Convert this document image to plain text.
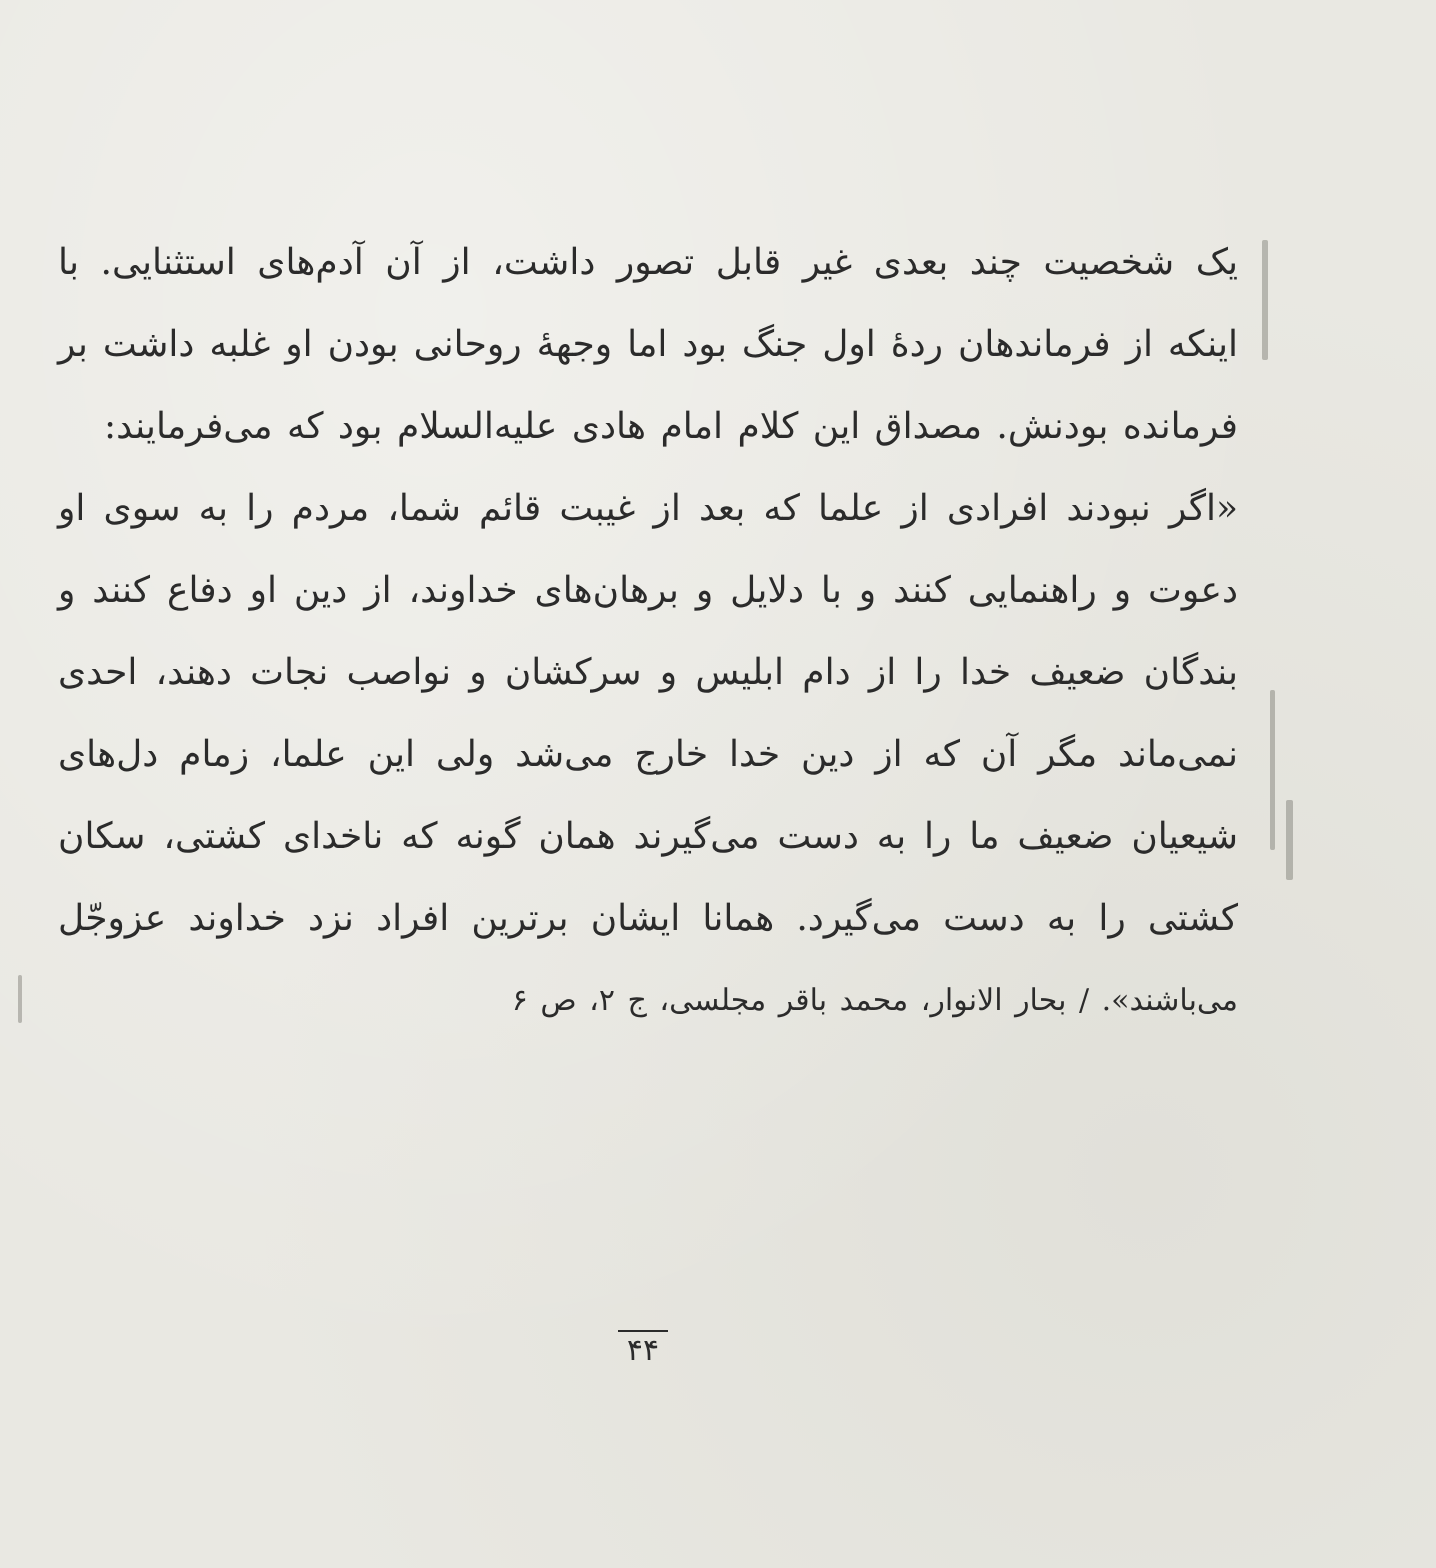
یک شخصیت چند بعدی غیر قابل تصور داشت، از آن آدم‌های استثنایی. با
اینکه از فرماندهان ردهٔ اول جنگ بود اما وجههٔ روحانی بودن او غلبه داشت بر
فرمانده بودنش. مصداق این کلام امام هادی علیه‌السلام بود که می‌فرمایند:
«اگر نبودند افرادی از علما که بعد از غیبت قائم شما، مردم را به سوی او
دعوت و راهنمایی کنند و با دلایل و برهان‌های خداوند، از دین او دفاع کنند و
بندگان ضعیف خدا را از دام ابلیس و سرکشان و نواصب نجات دهند، احدی
نمی‌ماند مگر آن که از دین خدا خارج می‌شد ولی این علما، زمام دل‌های
شیعیان ضعیف ما را به دست می‌گیرند همان گونه که ناخدای کشتی، سکان
کشتی را به دست می‌گیرد. همانا ایشان برترین افراد نزد خداوند عزوجّل
می‌باشند». / بحار الانوار، محمد باقر مجلسی، ج ۲، ص ۶
۴۴
